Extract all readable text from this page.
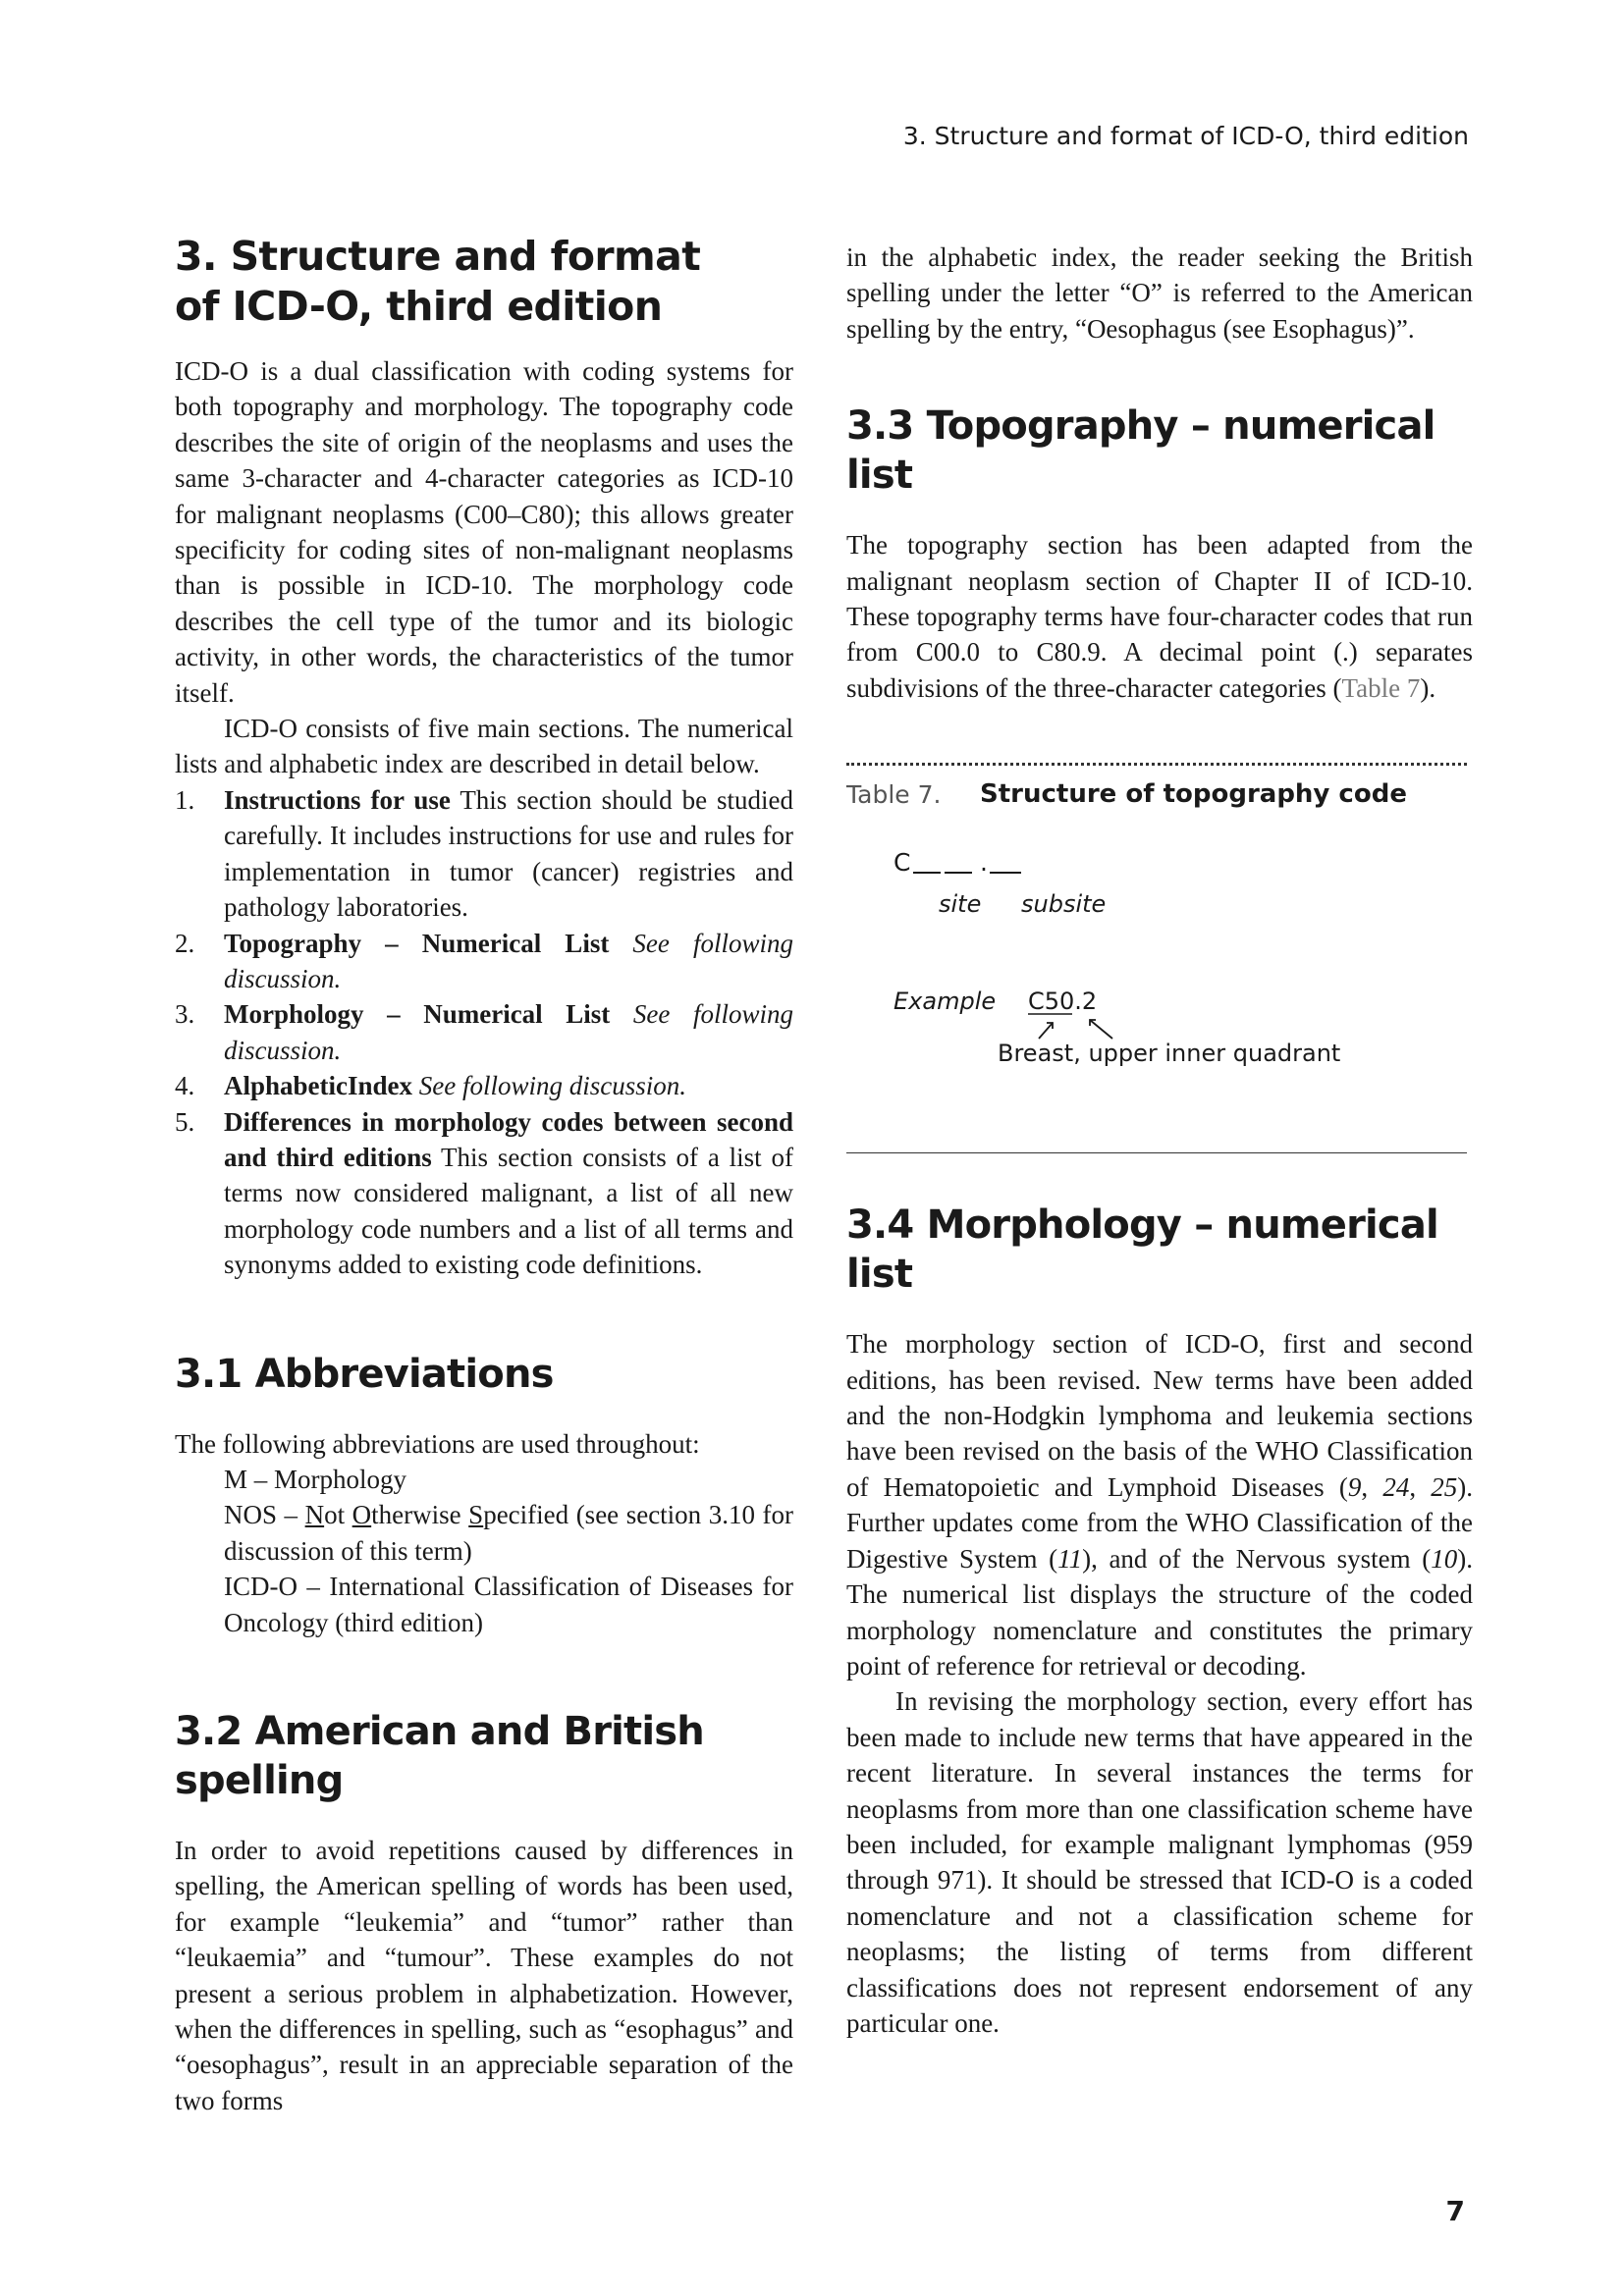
3. Structure and format of ICD-O, third edition
3. Structure and format
of ICD-O, third edition

ICD-O is a dual classification with coding systems for both topography and morphology. The topography code describes the site of origin of the neoplasms and uses the same 3-character and 4-character categories as ICD-10 for malignant neoplasms (C00–C80); this allows greater specificity for coding sites of non-malignant neoplasms than is possible in ICD-10. The morphology code describes the cell type of the tumor and its biologic activity, in other words, the characteristics of the tumor itself.

ICD-O consists of five main sections. The numerical lists and alphabetic index are described in detail below.

1. Instructions for use This section should be studied carefully. It includes instructions for use and rules for implementation in tumor (cancer) registries and pathology laboratories.
2. Topography – Numerical List See following discussion.
3. Morphology – Numerical List See following discussion.
4. AlphabeticIndex See following discussion.
5. Differences in morphology codes between second and third editions This section consists of a list of terms now considered malignant, a list of all new morphology code numbers and a list of all terms and synonyms added to existing code definitions.
3.1 Abbreviations

The following abbreviations are used throughout:

M – Morphology

NOS – Not Otherwise Specified (see section 3.10 for discussion of this term)

ICD-O – International Classification of Diseases for Oncology (third edition)

3.2 American and British spelling

In order to avoid repetitions caused by differences in spelling, the American spelling of words has been used, for example “leukemia” and “tumor” rather than “leukaemia” and “tumour”. These examples do not present a serious problem in alphabetization. However, when the differences in spelling, such as “esophagus” and “oesophagus”, result in an appreciable separation of the two forms

in the alphabetic index, the reader seeking the British spelling under the letter “O” is referred to the American spelling by the entry, “Oesophagus (see Esophagus)”.

3.3 Topography – numerical list

The topography section has been adapted from the malignant neoplasm section of Chapter II of ICD-10. These topography terms have four-character codes that run from C00.0 to C80.9. A decimal point (.) separates subdivisions of the three-character categories (Table 7).

Table 7. Structure of topography code
C	.
site subsite
Example C50.2
Breast, upper inner quadrant
3.4 Morphology – numerical list

The morphology section of ICD-O, first and second editions, has been revised. New terms have been added and the non-Hodgkin lymphoma and leukemia sections have been revised on the basis of the WHO Classification of Hematopoietic and Lymphoid Diseases (9, 24, 25). Further updates come from the WHO Classification of the Digestive System (11), and of the Nervous system (10). The numerical list displays the structure of the coded morphology nomenclature and constitutes the primary point of reference for retrieval or decoding.

In revising the morphology section, every effort has been made to include new terms that have appeared in the recent literature. In several instances the terms for neoplasms from more than one classification scheme have been included, for example malignant lymphomas (959 through 971). It should be stressed that ICD-O is a coded nomenclature and not a classification scheme for neoplasms; the listing of terms from different classifications does not represent endorsement of any particular one.

7
